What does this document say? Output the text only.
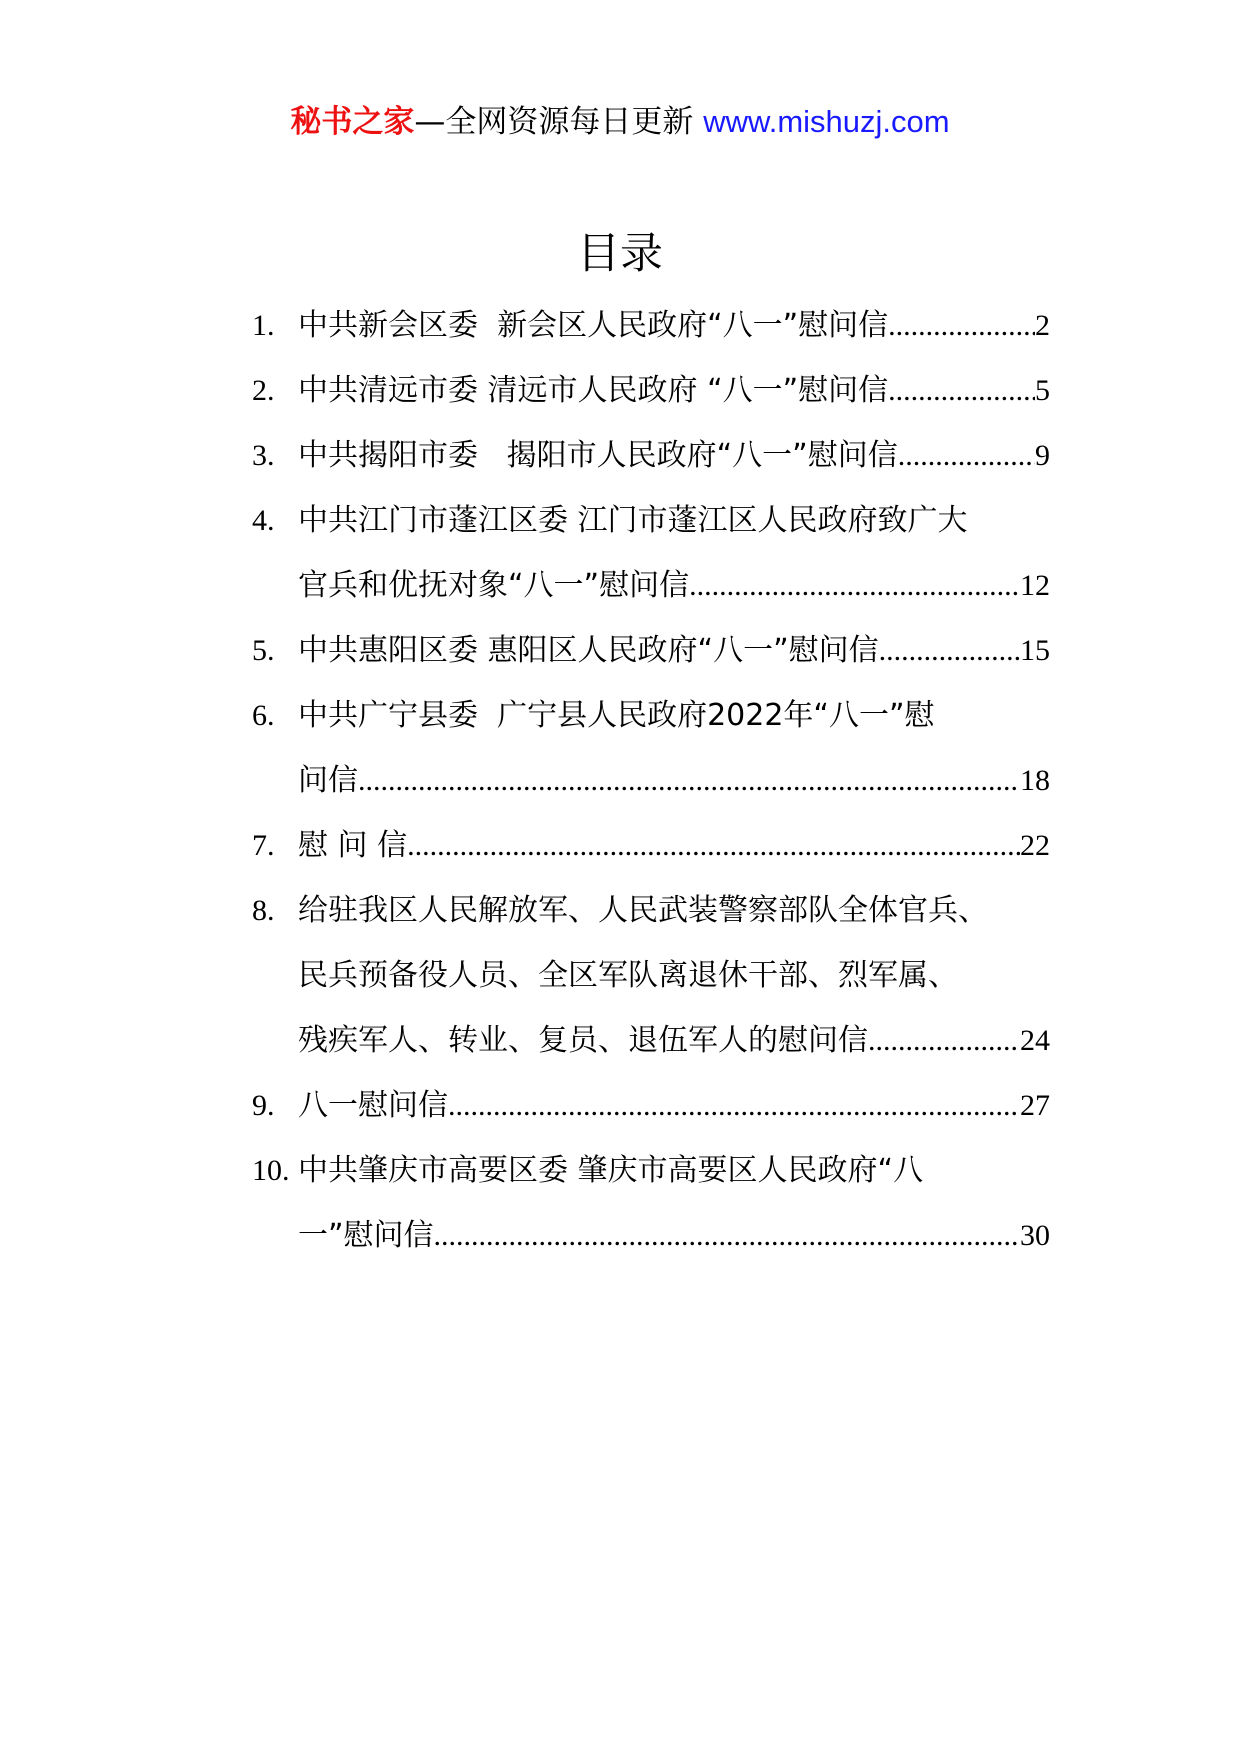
秘书之家—全网资源每日更新 www.mishuzj.com
目录
1. 中共新会区委  新会区人民政府“八一”慰问信 .....	2
2. 中共清远市委 清远市人民政府 “八一”慰问信 .....	5
3. 中共揭阳市委   揭阳市人民政府“八一”慰问信 .....	9
4. 中共江门市蓬江区委 江门市蓬江区人民政府致广大
官兵和优抚对象“八一”慰问信 .....	12
5. 中共惠阳区委 惠阳区人民政府“八一”慰问信 .....	15
6. 中共广宁县委  广宁县人民政府2022年“八一”慰
问信 .....	18
7. 慰 问 信 .....	22
8. 给驻我区人民解放军、人民武装警察部队全体官兵、
民兵预备役人员、全区军队离退休干部、烈军属、
残疾军人、转业、复员、退伍军人的慰问信 .....	24
9. 八一慰问信 .....	27
10. 中共肇庆市高要区委 肇庆市高要区人民政府“八
一”慰问信 .....	30
